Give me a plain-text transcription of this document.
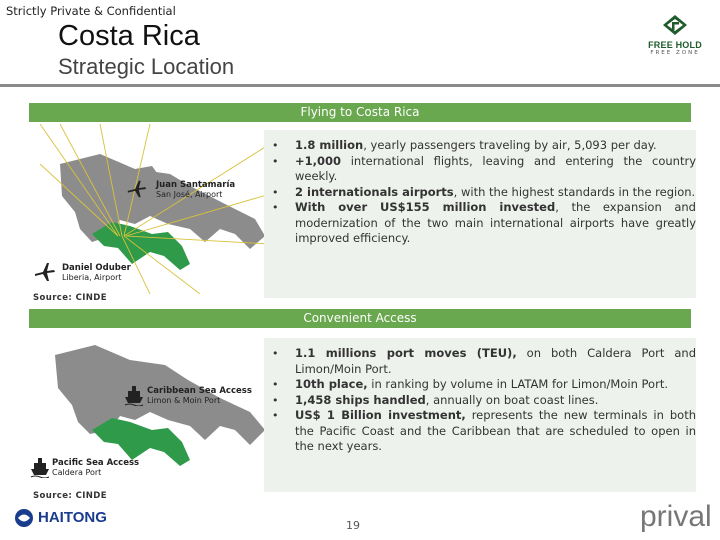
Strictly Private & Confidential
Costa Rica
Strategic Location
FREE HOLD
FREE ZONE
Flying to Costa Rica
Juan Santamaría
San José, Airport
Daniel Oduber
Liberia, Airport
Source: CINDE
• 1.8 million, yearly passengers traveling by air, 5,093 per day.
• +1,000 international flights, leaving and entering the country weekly.
• 2 internationals airports, with the highest standards in the region.
• With over US$155 million invested, the expansion and modernization of the two main international airports have greatly improved efficiency.
Convenient Access
Caribbean Sea Access
Limon & Moin Port
Pacific Sea Access
Caldera Port
Source: CINDE
• 1.1 millions port moves (TEU), on both Caldera Port and Limon/Moin Port.
• 10th place, in ranking by volume in LATAM for Limon/Moin Port.
• 1,458 ships handled, annually on boat coast lines.
• US$ 1 Billion investment, represents the new terminals in both the Pacific Coast and the Caribbean that are scheduled to open in the next years.
HAITONG	19	prival
